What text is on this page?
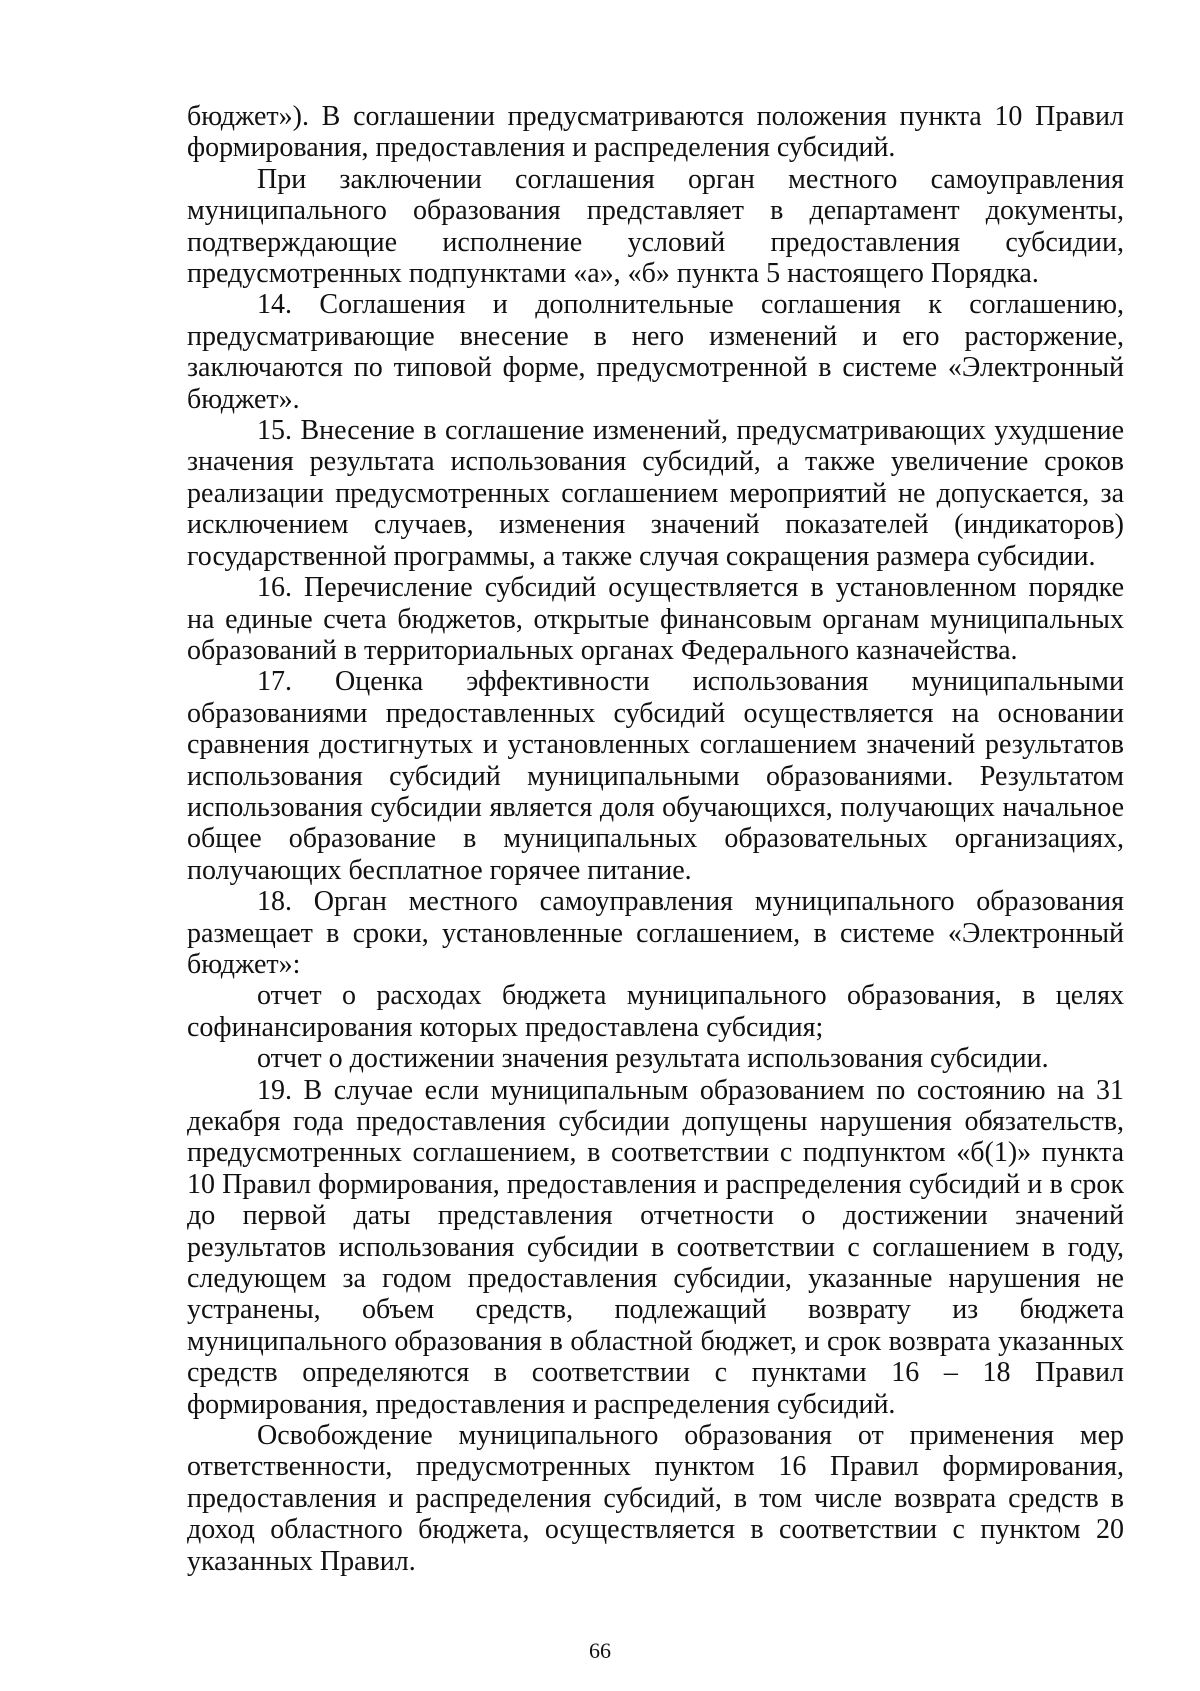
бюджет»). В соглашении предусматриваются положения пункта 10 Правил формирования, предоставления и распределения субсидий.

При заключении соглашения орган местного самоуправления муниципального образования представляет в департамент документы, подтверждающие исполнение условий предоставления субсидии, предусмотренных подпунктами «а», «б» пункта 5 настоящего Порядка.

14. Соглашения и дополнительные соглашения к соглашению, предусматривающие внесение в него изменений и его расторжение, заключаются по типовой форме, предусмотренной в системе «Электронный бюджет».

15. Внесение в соглашение изменений, предусматривающих ухудшение значения результата использования субсидий, а также увеличение сроков реализации предусмотренных соглашением мероприятий не допускается, за исключением случаев, изменения значений показателей (индикаторов) государственной программы, а также случая сокращения размера субсидии.

16. Перечисление субсидий осуществляется в установленном порядке на единые счета бюджетов, открытые финансовым органам муниципальных образований в территориальных органах Федерального казначейства.

17. Оценка эффективности использования муниципальными образованиями предоставленных субсидий осуществляется на основании сравнения достигнутых и установленных соглашением значений результатов использования субсидий муниципальными образованиями. Результатом использования субсидии является доля обучающихся, получающих начальное общее образование в муниципальных образовательных организациях, получающих бесплатное горячее питание.

18. Орган местного самоуправления муниципального образования размещает в сроки, установленные соглашением, в системе «Электронный бюджет»:

отчет о расходах бюджета муниципального образования, в целях софинансирования которых предоставлена субсидия;

отчет о достижении значения результата использования субсидии.

19. В случае если муниципальным образованием по состоянию на 31 декабря года предоставления субсидии допущены нарушения обязательств, предусмотренных соглашением, в соответствии с подпунктом «б(1)» пункта 10 Правил формирования, предоставления и распределения субсидий и в срок до первой даты представления отчетности о достижении значений результатов использования субсидии в соответствии с соглашением в году, следующем за годом предоставления субсидии, указанные нарушения не устранены, объем средств, подлежащий возврату из бюджета муниципального образования в областной бюджет, и срок возврата указанных средств определяются в соответствии с пунктами 16 – 18 Правил формирования, предоставления и распределения субсидий.

Освобождение муниципального образования от применения мер ответственности, предусмотренных пунктом 16 Правил формирования, предоставления и распределения субсидий, в том числе возврата средств в доход областного бюджета, осуществляется в соответствии с пунктом 20 указанных Правил.

66
